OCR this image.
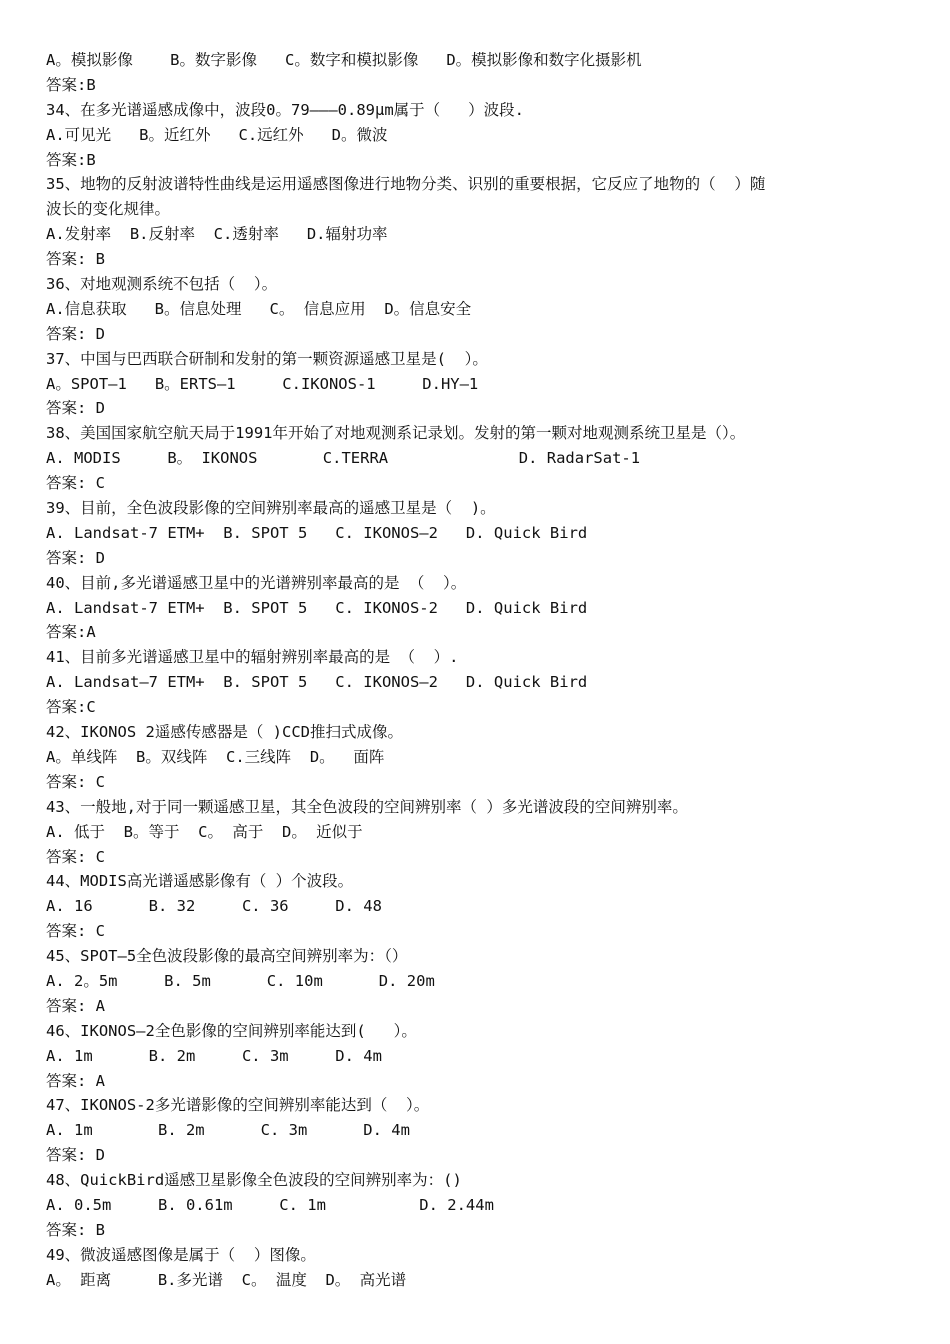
A。模拟影像    B。数字影像   C。数字和模拟影像   D。模拟影像和数字化摄影机
答案:B
34、在多光谱遥感成像中，波段0。79———0.89μm属于（   ）波段.
A.可见光   B。近红外   C.远红外   D。微波
答案:B
35、地物的反射波谱特性曲线是运用遥感图像进行地物分类、识别的重要根据，它反应了地物的（  ）随
波长的变化规律。
A.发射率  B.反射率  C.透射率   D.辐射功率
答案: B
36、对地观测系统不包括（  ）。
A.信息获取   B。信息处理   C。 信息应用  D。信息安全
答案: D
37、中国与巴西联合研制和发射的第一颗资源遥感卫星是(  ）。
A。SPOT—1   B。ERTS—1     C.IKONOS-1     D.HY—1
答案: D
38、美国国家航空航天局于1991年开始了对地观测系记录划。发射的第一颗对地观测系统卫星是（）。
A. MODIS     B。 IKONOS       C.TERRA              D. RadarSat-1
答案: C
39、目前，全色波段影像的空间辨别率最高的遥感卫星是（  )。
A. Landsat-7 ETM+  B. SPOT 5   C. IKONOS—2   D. Quick Bird
答案: D
40、目前,多光谱遥感卫星中的光谱辨别率最高的是 （  ）。
A. Landsat-7 ETM+  B. SPOT 5   C. IKONOS-2   D. Quick Bird
答案:A
41、目前多光谱遥感卫星中的辐射辨别率最高的是 （  ）.
A. Landsat—7 ETM+  B. SPOT 5   C. IKONOS—2   D. Quick Bird
答案:C
42、IKONOS 2遥感传感器是（ )CCD推扫式成像。
A。单线阵  B。双线阵  C.三线阵  D。  面阵
答案: C
43、一般地,对于同一颗遥感卫星，其全色波段的空间辨别率（ ）多光谱波段的空间辨别率。
A. 低于  B。等于  C。 高于  D。 近似于
答案: C
44、MODIS高光谱遥感影像有（ ）个波段。
A. 16      B. 32     C. 36     D. 48
答案: C
45、SPOT—5全色波段影像的最高空间辨别率为：（）
A. 2。5m     B. 5m      C. 10m      D. 20m
答案: A
46、IKONOS—2全色影像的空间辨别率能达到(   ）。
A. 1m      B. 2m     C. 3m     D. 4m
答案: A
47、IKONOS-2多光谱影像的空间辨别率能达到（  ）。
A. 1m       B. 2m      C. 3m      D. 4m
答案: D
48、QuickBird遥感卫星影像全色波段的空间辨别率为：()
A. 0.5m     B. 0.61m     C. 1m          D. 2.44m
答案: B
49、微波遥感图像是属于（  ）图像。
A。 距离     B.多光谱  C。 温度  D。 高光谱
